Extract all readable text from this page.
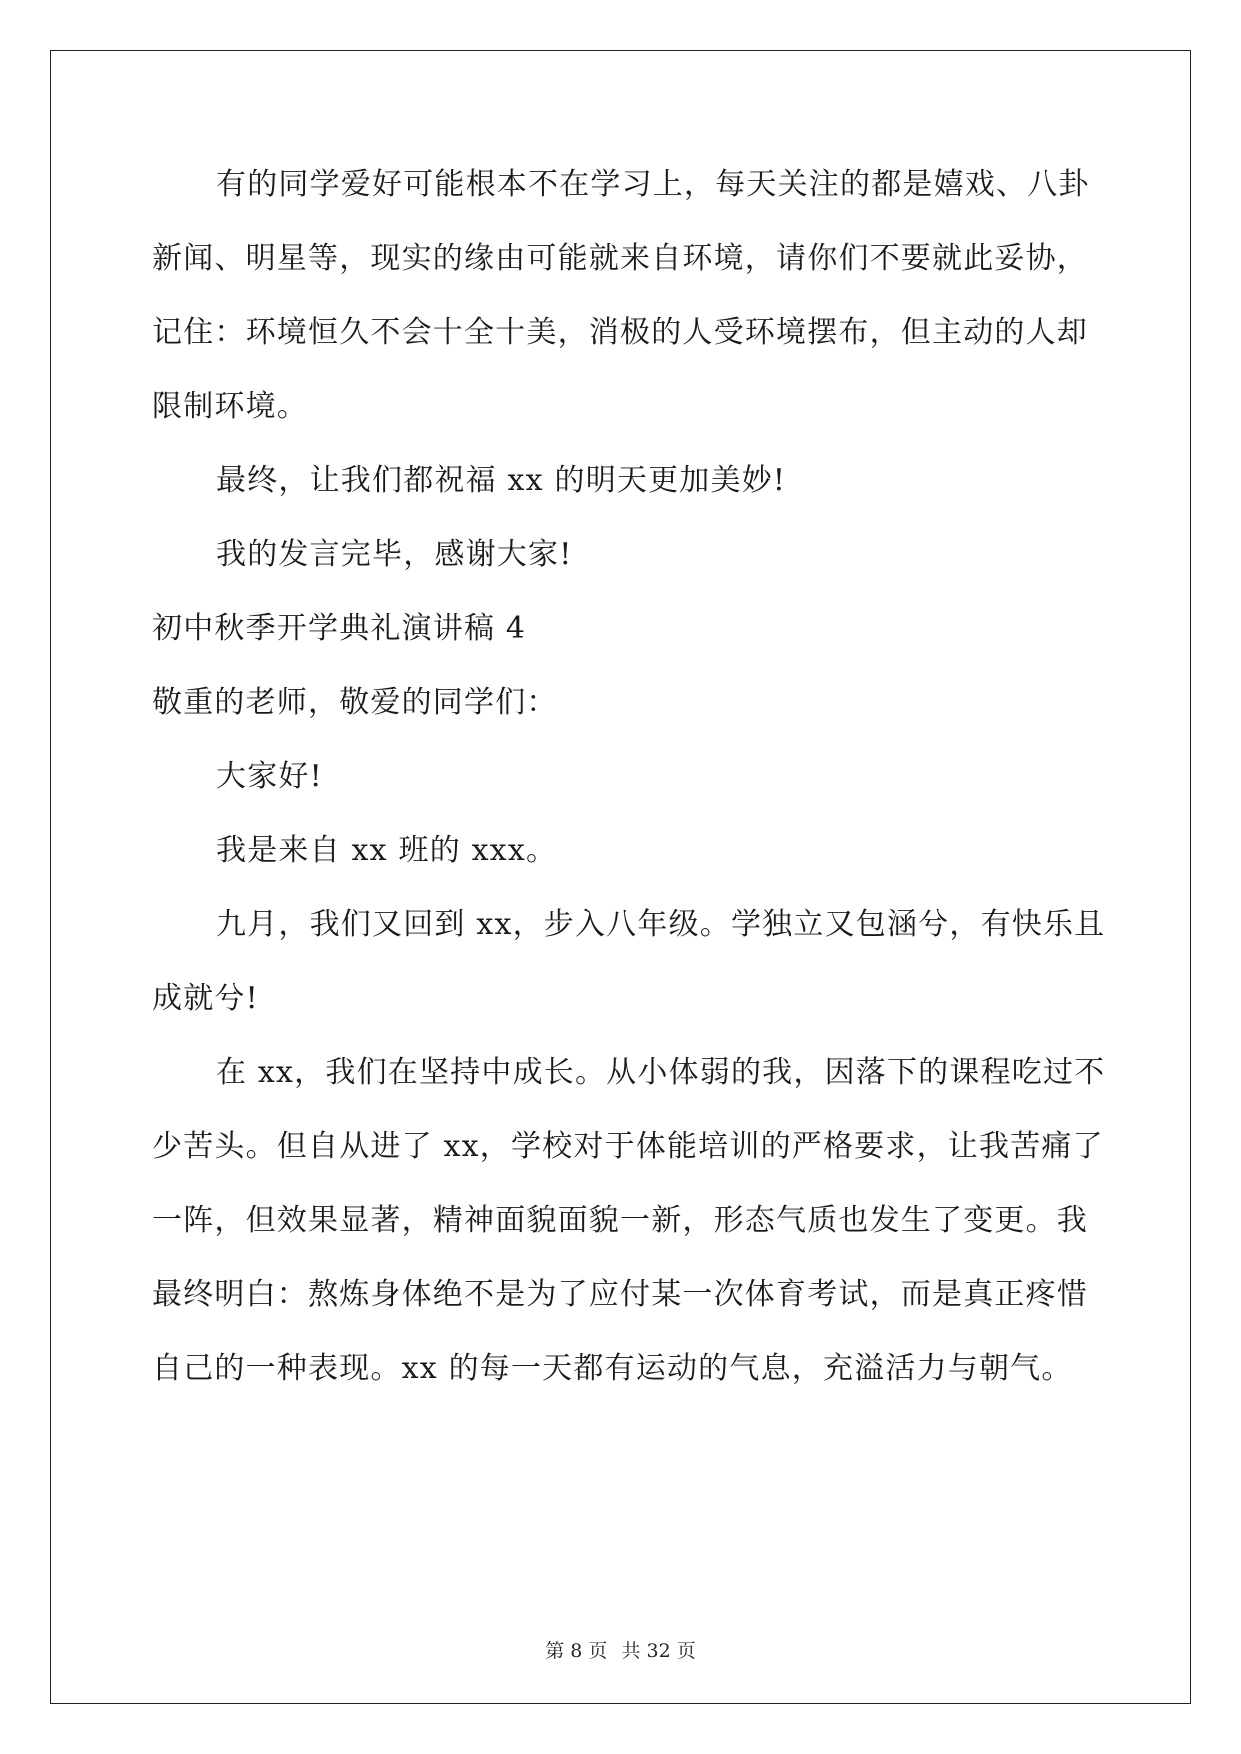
有的同学爱好可能根本不在学习上，每天关注的都是嬉戏、八卦
新闻、明星等，现实的缘由可能就来自环境，请你们不要就此妥协，
记住：环境恒久不会十全十美，消极的人受环境摆布，但主动的人却
限制环境。
最终，让我们都祝福 xx 的明天更加美妙!
我的发言完毕，感谢大家!
初中秋季开学典礼演讲稿 4
敬重的老师，敬爱的同学们：
大家好!
我是来自 xx 班的 xxx。
九月，我们又回到 xx，步入八年级。学独立又包涵兮，有快乐且
成就兮!
在 xx，我们在坚持中成长。从小体弱的我，因落下的课程吃过不
少苦头。但自从进了 xx，学校对于体能培训的严格要求，让我苦痛了
一阵，但效果显著，精神面貌面貌一新，形态气质也发生了变更。我
最终明白：熬炼身体绝不是为了应付某一次体育考试，而是真正疼惜
自己的一种表现。xx 的每一天都有运动的气息，充溢活力与朝气。
第 8 页 共 32 页
